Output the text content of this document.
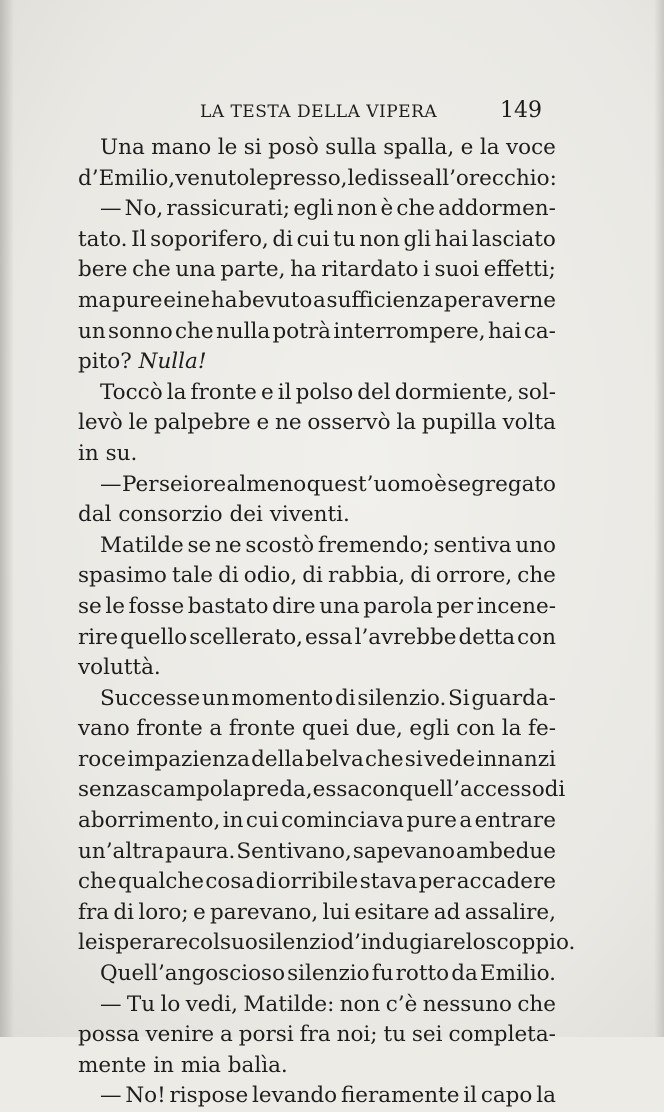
LA TESTA DELLA VIPERA	149
Una mano le si posò sulla spalla, e la voce
d’ Emilio, venutole presso, le disse all’orecchio:
— No, rassicurati; egli non è che addormen-
tato. Il soporifero, di cui tu non gli hai lasciato
bere che una parte, ha ritardato i suoi effetti;
ma pure ei ne ha bevuto a sufficienza per averne
un sonno che nulla potrà interrompere, hai ca-
pito? Nulla!
Toccò la fronte e il polso del dormiente, sol-
levò le palpebre e ne osservò la pupilla volta
in su.
— Per sei ore almeno quest’uomo è segregato
dal consorzio dei viventi.
Matilde se ne scostò fremendo; sentiva uno
spasimo tale di odio, di rabbia, di orrore, che
se le fosse bastato dire una parola per incene-
rire quello scellerato, essa l’avrebbe detta con
voluttà.
Successe un momento di silenzio. Si guarda-
vano fronte a fronte quei due, egli con la fe-
roce impazienza della belva che si vede innanzi
senza scampo la preda, essa con quell’accesso di
aborrimento, in cui cominciava pure a entrare
un’altra paura. Sentivano, sapevano ambedue
che qualche cosa di orribile stava per accadere
fra di loro; e parevano, lui esitare ad assalire,
lei sperare col suo silenzio d’indugiare lo scoppio.
Quell’angoscioso silenzio fu rotto da Emilio.
— Tu lo vedi, Matilde: non c’è nessuno che
possa venire a porsi fra noi; tu sei completa-
mente in mia balìa.
— No! rispose levando fieramente il capo la
